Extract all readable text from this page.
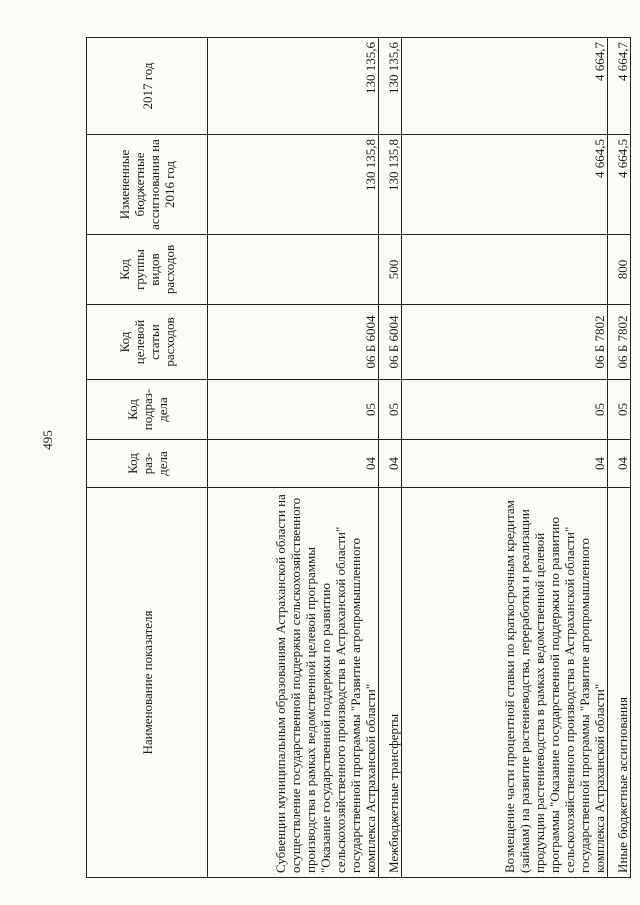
495
Наименование показателя	Код раз-дела	Код подраз-дела	Код целевой статьи расходов	Код группы видов расходов	Измененные бюджетные ассигнования на 2016 год	2017 год
Субвенции муниципальным образованиям Астраханской области на осуществление государственной поддержки сельскохозяйственного производства в рамках ведомственной целевой программы "Оказание государственной поддержки по развитию сельскохозяйственного производства в Астраханской области" государственной программы "Развитие агропромышленного комплекса Астраханской области"	04	05	06 Б 6004		130 135,8	130 135,6
Межбюджетные трансферты	04	05	06 Б 6004	500	130 135,8	130 135,6
Возмещение части процентной ставки по краткосрочным кредитам (займам) на развитие растениеводства, переработки и реализации продукции растениеводства в рамках ведомственной целевой программы "Оказание государственной поддержки по развитию сельскохозяйственного производства в Астраханской области" государственной программы "Развитие агропромышленного комплекса Астраханской области"	04	05	06 Б 7802		4 664,5	4 664,7
Иные бюджетные ассигнования	04	05	06 Б 7802	800	4 664,5	4 664,7
